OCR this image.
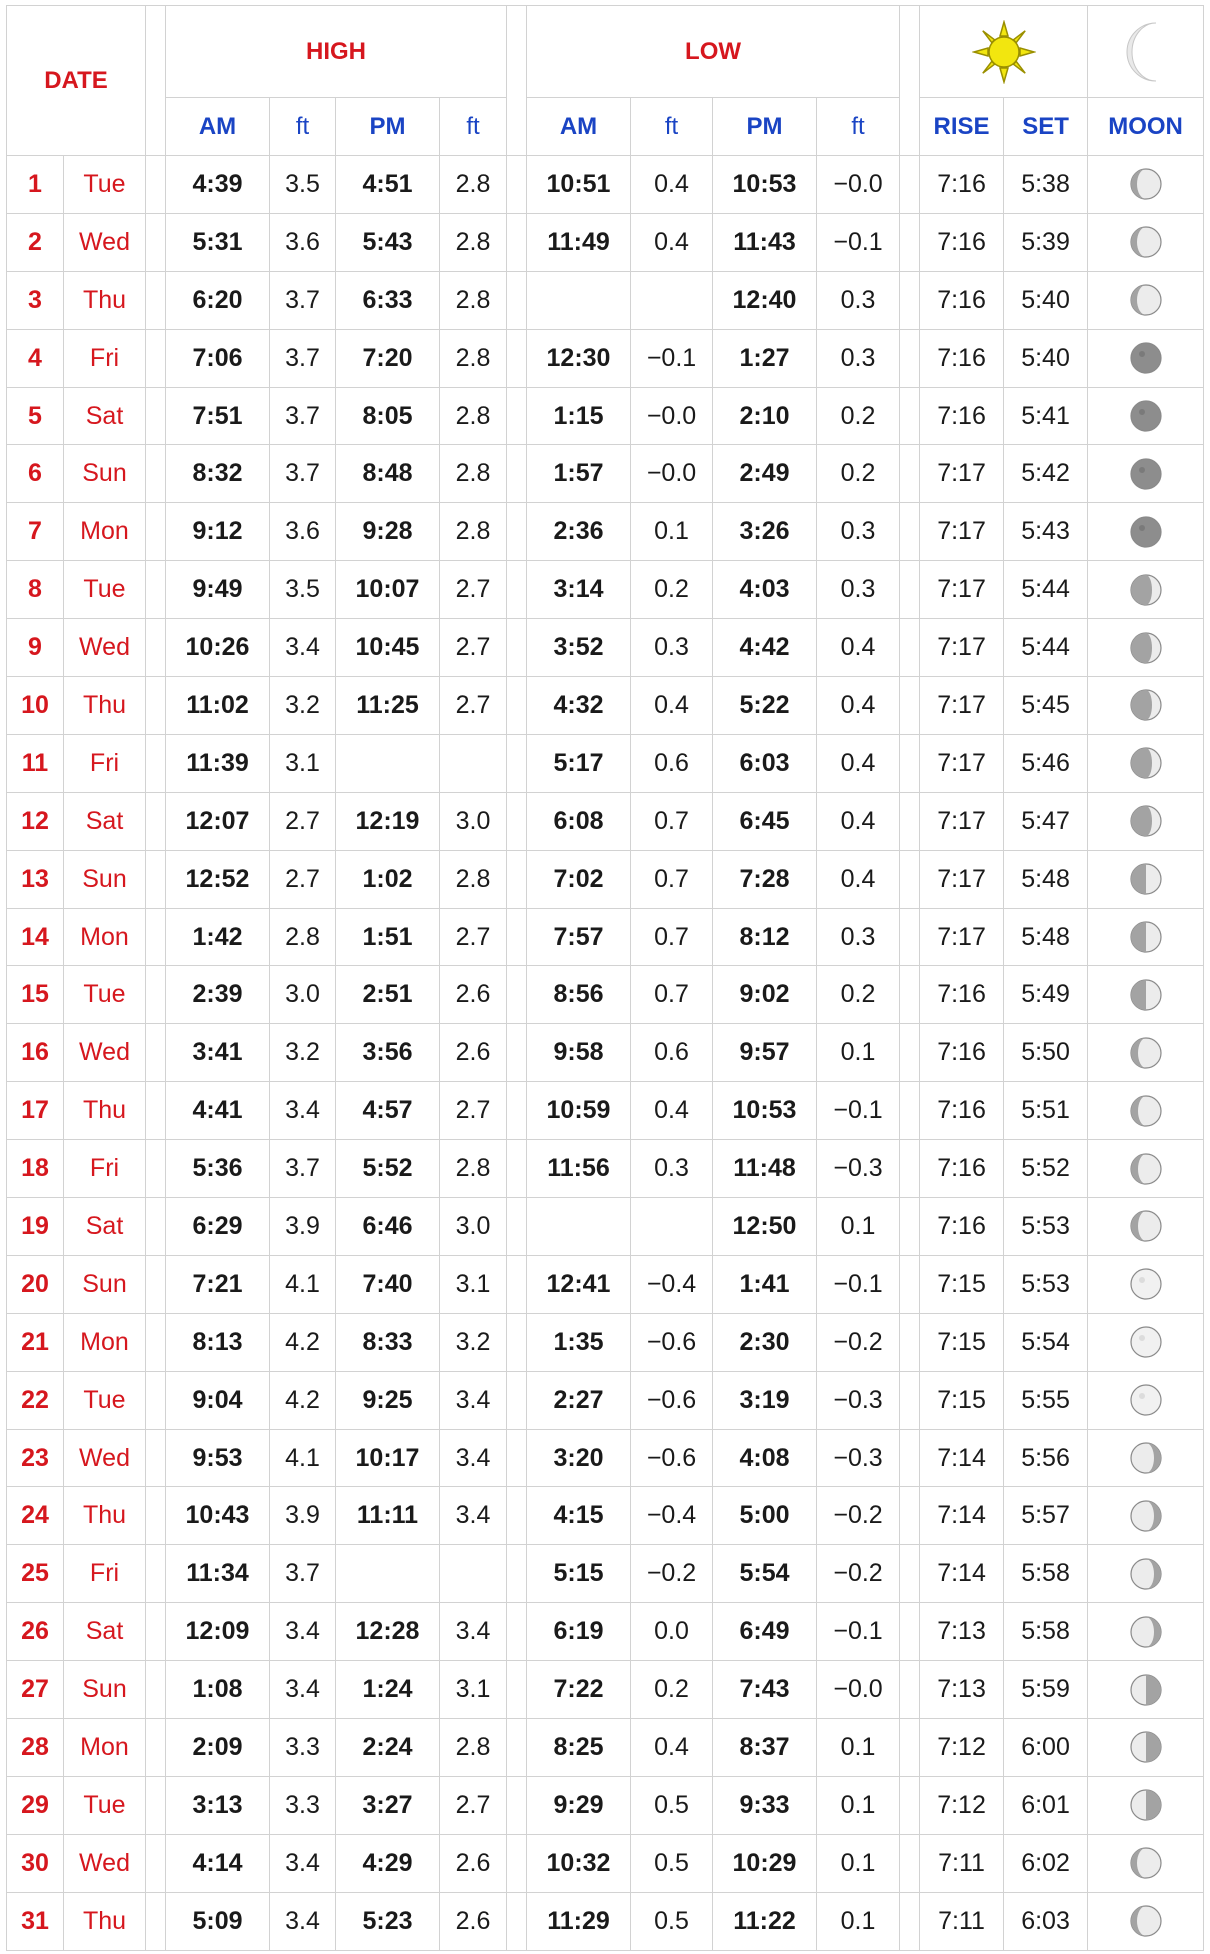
DATE			HIGH					LOW			
			AM	ft	PM	ft		AM	ft	PM	ft		RISE	SET	MOON
1	Tue		4:39	3.5	4:51	2.8		10:51	0.4	10:53	−0.0		7:16	5:38	
2	Wed		5:31	3.6	5:43	2.8		11:49	0.4	11:43	−0.1		7:16	5:39	
3	Thu		6:20	3.7	6:33	2.8				12:40	0.3		7:16	5:40	
4	Fri		7:06	3.7	7:20	2.8		12:30	−0.1	1:27	0.3		7:16	5:40	
5	Sat		7:51	3.7	8:05	2.8		1:15	−0.0	2:10	0.2		7:16	5:41	
6	Sun		8:32	3.7	8:48	2.8		1:57	−0.0	2:49	0.2		7:17	5:42	
7	Mon		9:12	3.6	9:28	2.8		2:36	0.1	3:26	0.3		7:17	5:43	
8	Tue		9:49	3.5	10:07	2.7		3:14	0.2	4:03	0.3		7:17	5:44	
9	Wed		10:26	3.4	10:45	2.7		3:52	0.3	4:42	0.4		7:17	5:44	
10	Thu		11:02	3.2	11:25	2.7		4:32	0.4	5:22	0.4		7:17	5:45	
11	Fri		11:39	3.1				5:17	0.6	6:03	0.4		7:17	5:46	
12	Sat		12:07	2.7	12:19	3.0		6:08	0.7	6:45	0.4		7:17	5:47	
13	Sun		12:52	2.7	1:02	2.8		7:02	0.7	7:28	0.4		7:17	5:48	
14	Mon		1:42	2.8	1:51	2.7		7:57	0.7	8:12	0.3		7:17	5:48	
15	Tue		2:39	3.0	2:51	2.6		8:56	0.7	9:02	0.2		7:16	5:49	
16	Wed		3:41	3.2	3:56	2.6		9:58	0.6	9:57	0.1		7:16	5:50	
17	Thu		4:41	3.4	4:57	2.7		10:59	0.4	10:53	−0.1		7:16	5:51	
18	Fri		5:36	3.7	5:52	2.8		11:56	0.3	11:48	−0.3		7:16	5:52	
19	Sat		6:29	3.9	6:46	3.0				12:50	0.1		7:16	5:53	
20	Sun		7:21	4.1	7:40	3.1		12:41	−0.4	1:41	−0.1		7:15	5:53	
21	Mon		8:13	4.2	8:33	3.2		1:35	−0.6	2:30	−0.2		7:15	5:54	
22	Tue		9:04	4.2	9:25	3.4		2:27	−0.6	3:19	−0.3		7:15	5:55	
23	Wed		9:53	4.1	10:17	3.4		3:20	−0.6	4:08	−0.3		7:14	5:56	
24	Thu		10:43	3.9	11:11	3.4		4:15	−0.4	5:00	−0.2		7:14	5:57	
25	Fri		11:34	3.7				5:15	−0.2	5:54	−0.2		7:14	5:58	
26	Sat		12:09	3.4	12:28	3.4		6:19	0.0	6:49	−0.1		7:13	5:58	
27	Sun		1:08	3.4	1:24	3.1		7:22	0.2	7:43	−0.0		7:13	5:59	
28	Mon		2:09	3.3	2:24	2.8		8:25	0.4	8:37	0.1		7:12	6:00	
29	Tue		3:13	3.3	3:27	2.7		9:29	0.5	9:33	0.1		7:12	6:01	
30	Wed		4:14	3.4	4:29	2.6		10:32	0.5	10:29	0.1		7:11	6:02	
31	Thu		5:09	3.4	5:23	2.6		11:29	0.5	11:22	0.1		7:11	6:03	
